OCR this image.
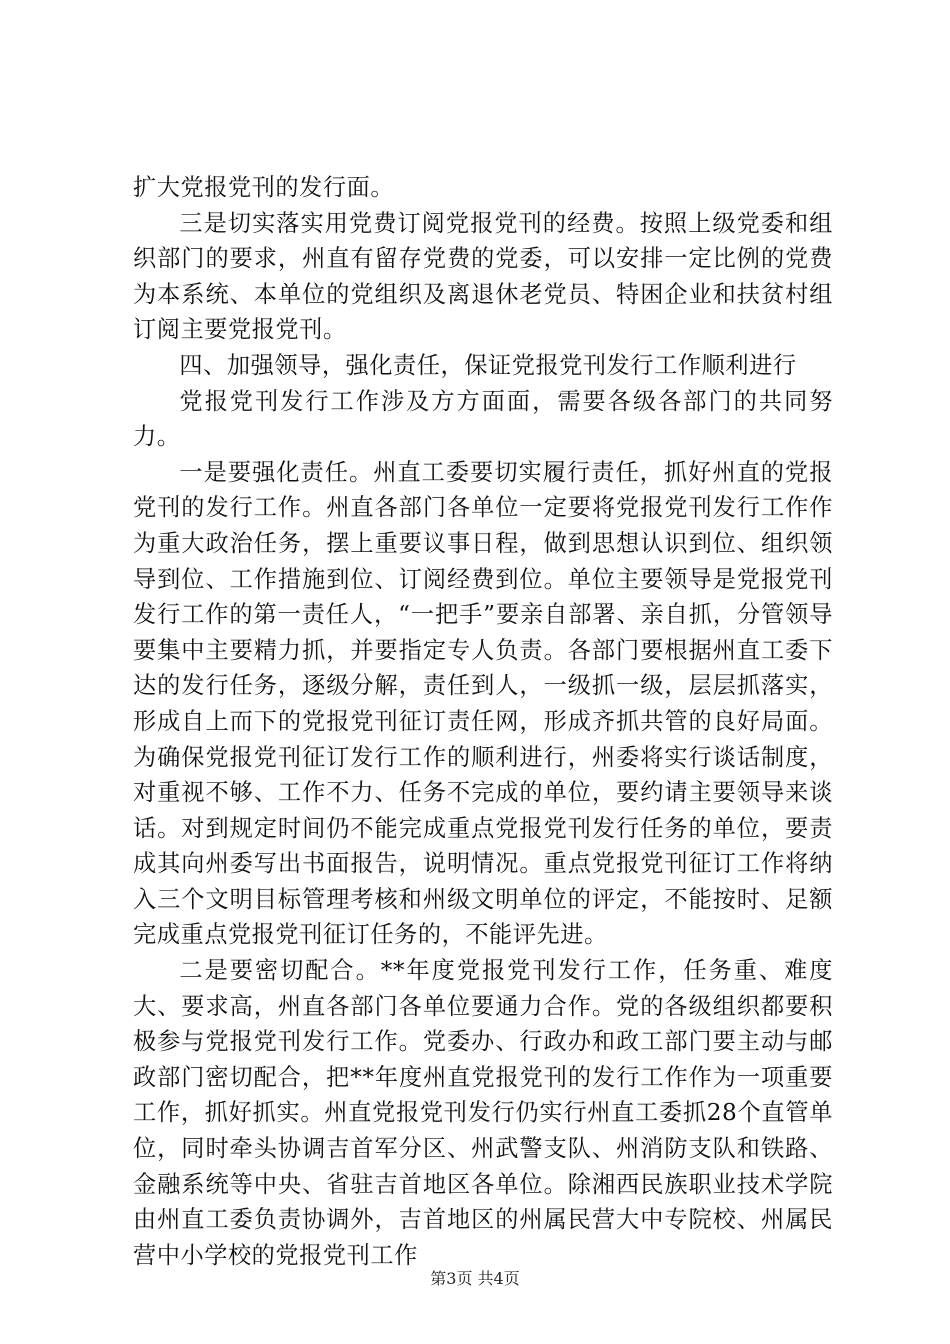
扩大党报党刊的发行面。

三是切实落实用党费订阅党报党刊的经费。按照上级党委和组织部门的要求，州直有留存党费的党委，可以安排一定比例的党费为本系统、本单位的党组织及离退休老党员、特困企业和扶贫村组订阅主要党报党刊。

四、加强领导，强化责任，保证党报党刊发行工作顺利进行

党报党刊发行工作涉及方方面面，需要各级各部门的共同努力。

一是要强化责任。州直工委要切实履行责任，抓好州直的党报党刊的发行工作。州直各部门各单位一定要将党报党刊发行工作作为重大政治任务，摆上重要议事日程，做到思想认识到位、组织领导到位、工作措施到位、订阅经费到位。单位主要领导是党报党刊发行工作的第一责任人，“一把手”要亲自部署、亲自抓，分管领导要集中主要精力抓，并要指定专人负责。各部门要根据州直工委下达的发行任务，逐级分解，责任到人，一级抓一级，层层抓落实，形成自上而下的党报党刊征订责任网，形成齐抓共管的良好局面。为确保党报党刊征订发行工作的顺利进行，州委将实行谈话制度，对重视不够、工作不力、任务不完成的单位，要约请主要领导来谈话。对到规定时间仍不能完成重点党报党刊发行任务的单位，要责成其向州委写出书面报告，说明情况。重点党报党刊征订工作将纳入三个文明目标管理考核和州级文明单位的评定，不能按时、足额完成重点党报党刊征订任务的，不能评先进。

二是要密切配合。**年度党报党刊发行工作，任务重、难度大、要求高，州直各部门各单位要通力合作。党的各级组织都要积极参与党报党刊发行工作。党委办、行政办和政工部门要主动与邮政部门密切配合，把**年度州直党报党刊的发行工作作为一项重要工作，抓好抓实。州直党报党刊发行仍实行州直工委抓28个直管单位，同时牵头协调吉首军分区、州武警支队、州消防支队和铁路、金融系统等中央、省驻吉首地区各单位。除湘西民族职业技术学院由州直工委负责协调外，吉首地区的州属民营大中专院校、州属民营中小学校的党报党刊工作

第3页 共4页
